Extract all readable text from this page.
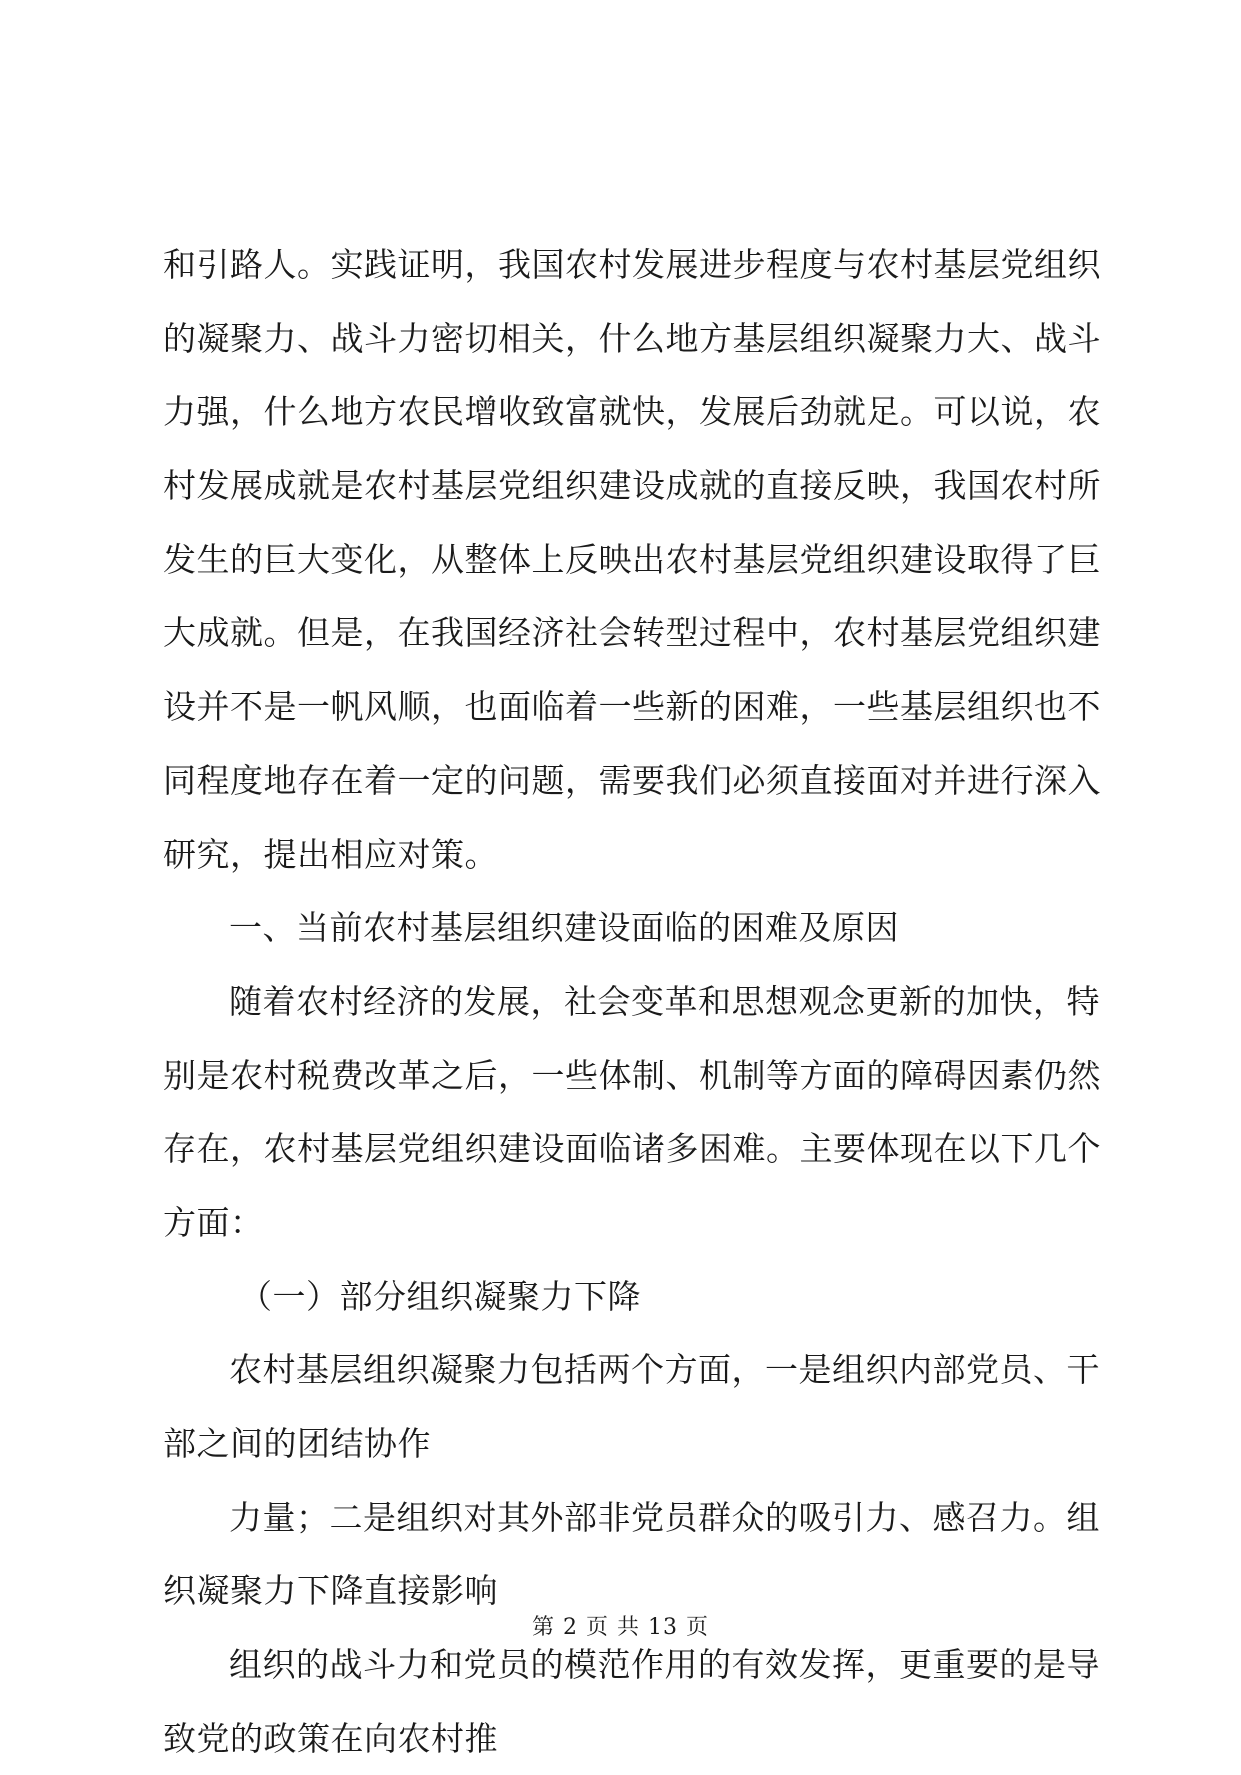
和引路人。实践证明，我国农村发展进步程度与农村基层党组织
的凝聚力、战斗力密切相关，什么地方基层组织凝聚力大、战斗
力强，什么地方农民增收致富就快，发展后劲就足。可以说，农
村发展成就是农村基层党组织建设成就的直接反映，我国农村所
发生的巨大变化，从整体上反映出农村基层党组织建设取得了巨
大成就。但是，在我国经济社会转型过程中，农村基层党组织建
设并不是一帆风顺，也面临着一些新的困难，一些基层组织也不
同程度地存在着一定的问题，需要我们必须直接面对并进行深入
研究，提出相应对策。
一、当前农村基层组织建设面临的困难及原因
随着农村经济的发展，社会变革和思想观念更新的加快，特
别是农村税费改革之后，一些体制、机制等方面的障碍因素仍然
存在，农村基层党组织建设面临诸多困难。主要体现在以下几个
方面：
（一）部分组织凝聚力下降
农村基层组织凝聚力包括两个方面，一是组织内部党员、干
部之间的团结协作
力量；二是组织对其外部非党员群众的吸引力、感召力。组
织凝聚力下降直接影响
组织的战斗力和党员的模范作用的有效发挥，更重要的是导
致党的政策在向农村推
第 2 页 共 13 页
